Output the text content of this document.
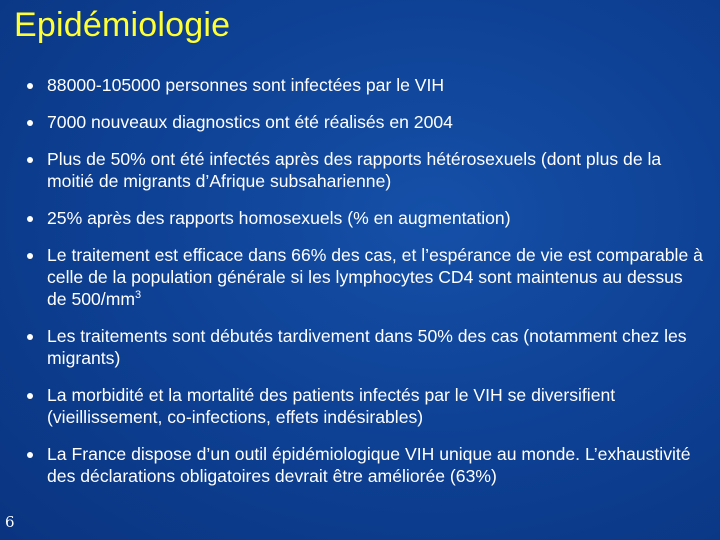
Epidémiologie
88000-105000 personnes sont infectées par le VIH
7000 nouveaux diagnostics ont été réalisés en 2004
Plus de 50% ont été infectés après des rapports hétérosexuels (dont plus de la moitié de migrants d’Afrique subsaharienne)
25% après des rapports homosexuels (% en augmentation)
Le traitement est efficace dans 66% des cas, et l’espérance de vie est comparable à celle de la population générale si les lymphocytes CD4 sont maintenus au dessus de $500/mm^3$
Les traitements sont débutés tardivement dans 50% des cas (notamment chez les migrants)
La morbidité et la mortalité des patients infectés par le VIH se diversifient (vieillissement, co-infections, effets indésirables)
La France dispose d’un outil épidémiologique VIH unique au monde. L’exhaustivité des déclarations obligatoires devrait être améliorée (63%)
6
